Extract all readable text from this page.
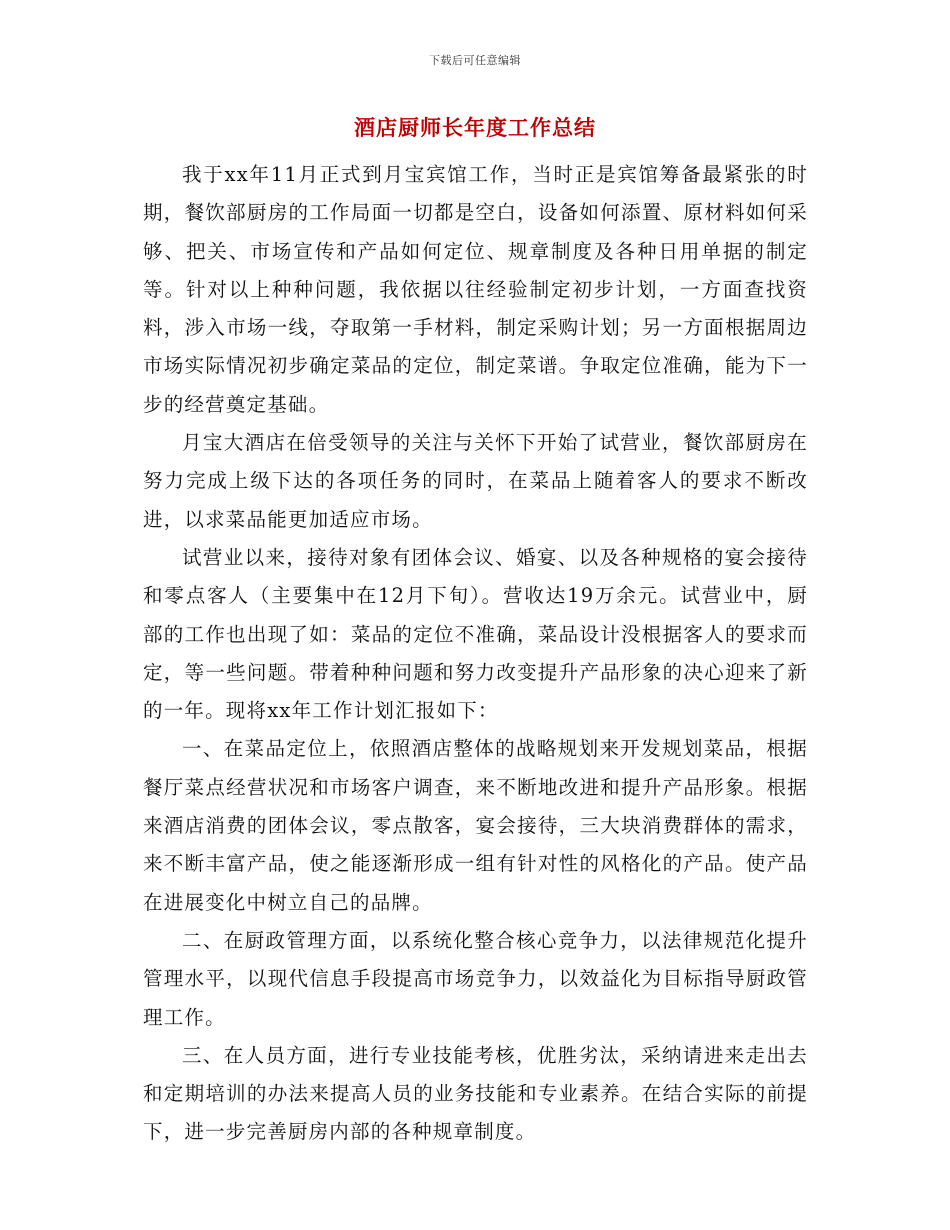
下载后可任意编辑
酒店厨师长年度工作总结

我于xx年11月正式到月宝宾馆工作，当时正是宾馆筹备最紧张的时期，餐饮部厨房的工作局面一切都是空白，设备如何添置、原材料如何采够、把关、市场宣传和产品如何定位、规章制度及各种日用单据的制定等。针对以上种种问题，我依据以往经验制定初步计划，一方面查找资料，涉入市场一线，夺取第一手材料，制定采购计划；另一方面根据周边市场实际情况初步确定菜品的定位，制定菜谱。争取定位准确，能为下一步的经营奠定基础。

月宝大酒店在倍受领导的关注与关怀下开始了试营业，餐饮部厨房在努力完成上级下达的各项任务的同时，在菜品上随着客人的要求不断改进，以求菜品能更加适应市场。

试营业以来，接待对象有团体会议、婚宴、以及各种规格的宴会接待和零点客人（主要集中在12月下旬）。营收达19万余元。试营业中，厨部的工作也出现了如：菜品的定位不准确，菜品设计没根据客人的要求而定，等一些问题。带着种种问题和努力改变提升产品形象的决心迎来了新的一年。现将xx年工作计划汇报如下：

一、在菜品定位上，依照酒店整体的战略规划来开发规划菜品，根据餐厅菜点经营状况和市场客户调查，来不断地改进和提升产品形象。根据来酒店消费的团体会议，零点散客，宴会接待，三大块消费群体的需求，来不断丰富产品，使之能逐渐形成一组有针对性的风格化的产品。使产品在进展变化中树立自己的品牌。

二、在厨政管理方面，以系统化整合核心竞争力，以法律规范化提升管理水平，以现代信息手段提高市场竞争力，以效益化为目标指导厨政管理工作。

三、在人员方面，进行专业技能考核，优胜劣汰，采纳请进来走出去和定期培训的办法来提高人员的业务技能和专业素养。在结合实际的前提下，进一步完善厨房内部的各种规章制度。
